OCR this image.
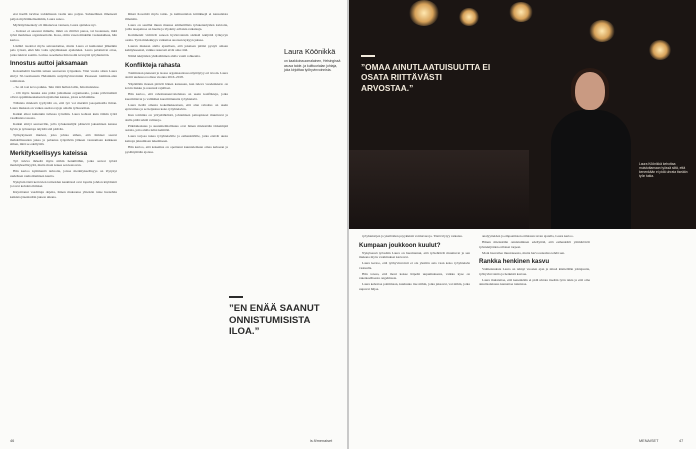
etsi itsellä tarvitse toddelisuun vaalia uno paljon. Suhteellinen ilmeisesti paljon myötämielisemmin, Laura sanoo.

Myötätyöskentely oli ilmaisevaa vanteen, Laura ajattelee nyt.

– Kohasi ei aasonut minulle, mikä on riittävä panos, tai luotenaan, mitä työni merkitsee organisaatiolle. Kosa, oltiin vasen minkään vastuukulkua, hän kertoo.

Läsläiri tasoittoi myös sairauslomaa, mutta Laura ei kumonnut jälkeäkin palo työssä, eikä hän voitu sykyiätuksen ajatteleksi. Laura palattuivat ottaa, jotka tukivat saatiin. Lomaa osoemalsa hän tuomi terveyttä työyhteisöön.

Innostus auttoi jaksamaan

Kokonhelttä haettiin teinen seuraavan työpaikan. Viisi vuotta sitten Laura siirtyi 50-vuotisasuin Helsinkiin uutyöhyvinvoinnin Pasaseen toiminta-alan toimialaan.

– Se oli tosi kova paikka. Tein töitä hullun lailla, hän muistelee.

– Oli myös hauska asia pääsi johtamaan organisaatio, jonka päivärutiinit olivat oppimiskeskeisen harjoittelun kanssa, joista selvisimme.

Tällaisia mielestä tyydyttää on, että työ voi merkitä jaaopaikoilla ilman. Laura mukaan on vaikea asettaa rajoja omalle työkuorman.

Kaikki alkoi kuitenkin tullessa työstään. Laura kohtasi kuin tämän työtä vaadituista tasosta.

Kaikki siirtyi seuraaville, jolla työskentelijät pääsevät jaksamisen kanssa hyvin ja työnantaja näyttää sitä pitävän.

Työkykyisesti mielesi, joka johtaa siihen, että ihmiset saavat mahdollisuuden jakaa ja palautua työpäivän jälkeen vastaamaan kaikkeen siihen, mitä se edellyttää.

Merkityksellisyys kateissa

Työ tuleva tärkeää myös niihin henkilöihin, jotka saavat työstä merkityksellisyyttä, mutta moni kokee sen katoavan.

Hän kertoo kymmeniä tarinoita, joissa merkityksellisyys on löytynyt uudelleen rauhoittumisen kautta.

Nykyisin tästä kertovien tarinoiden keskiössä ovat lopulta johdon käytännöt ja tavat kohdata ihmiset.

Kirjoittanut vaadittuja ohjeita, hänen mukaansa yhteisön tulee huolehtia kaikista jäsenistään jakson aikana.

Riksä ilosomiti myös taide- ja kulttuurialan kritiikkejä ei kansalaista ilmaisiin.

Laura on seuillut muun muassa ammatillisia työskentelyiden kuvioita, joilla tasapainoa on haettu ja löydetty erilaisia ratkaisuja.

Kommentit virittivät sanoen hyvinvoinnin sisäisiä tekijöitä työkyvyn osalta. Työn mielekkyys vaikuttaa suoraan kykyyn jaksaa.

Lauran mukaan alalla ajatellaan, että jokaisen pitäisi pystyä omaan kehitykseensä, vaikka resurssit eivät aina riitä.

Nämä tekijöiden yhdistäminen alalla vaatii rohkeutta.

Konflikteja rahasta

Toimintaan pienessä ja isossa organisaatiossa näyttäytyy eri tavoin. Laura aloitti uudessa roolissa vuonna 2016–2018.

Ylipäätään monen pitävät hänen kanssaan, kun tuleva vuodenkierto on kovin tiukka ja resurssit rajalliset.

Hän kertoo, että rahoitusneuvotteluissa on usein konflikteja, jotka kuormittavat jo valmiiksi kuormittunutta työyhteisöä.

Laura tietää omasta kokemuksestaan, että alan rahoitus on usein epävarmaa ja se heijastuu koko työyhteisöön.

Kun toiminta on yrityslähtöistä, johtamisen painopisteet muuttuvat ja alalla pitää tehdä valintoja.

Pitkäaikaisuus ja suunnitelmallisuus ovat hänen mielestään tärkeimpiä asioita, joita alalla tulisi kehittää.

Laura tarjoaa tukea työyhteisöille ja esihenkilöille, jotka etsivät uusia keinoja jaksamisen tukemiseen.

Hän kertoo, että kokemus on opettanut kuuntelemaan omaa kehoaan ja pysähtymään ajoissa.

Laura Köönikkä
on kaakkoissuomalainen, Helsingissä asuva taide- ja kulttuurialan johtaja, joka kirjoittaa työhyvinvoinnista.
”EN ENÄÄ SAANUT ONNISTUMISISTA ILOA.”
46	is.fi/menaiset
”OMAA AINUTLAATUISUUTTA EI OSATA RIITTÄVÄSTI ARVOSTAA.”
Laura Köönikkä kehottaa muistuttamaan työssä siitä, että kenenkään ei pidä uhrata itseään työn takia.

työyhteisöjen ja yksilöiden psyykkisiä voimavaroja. Tästä löytyy ratkaisu.

Kumpaan joukkoon kuulut?

Nykyisessä työssään Laura on huomannut, että työtehtävät muuttuvat ja sen mukana myös vaatimukset kasvavat.

Laura kertoo, että työhyvinvointi ei ole yksilön asia vaan koko työyhteisön vastuulla.

Hän toteaa, että moni kokee häpeää uupumuksesta, vaikka kyse on rakenteellisesta ongelmasta.

Laura kehottaa pohtimaan, kuuluuko itse niihin, jotka jaksavat, vai niihin, jotka uupuvat hiljaa.

analyytteiden ja empaattisten erilaisten tavan ajatella, Laura kertoo.

Hänen mielestään onnistuminen edellyttää, että esihenkilöt ymmärtävät työntekijöiden erilaiset tarpeet.

Moni haaveilee muutoksesta, mutta harva uskaltaa tehdä sen.

Rankka henkinen kasvu

Valmennuksia Laura on tehnyt vuosien ajan ja niissä käsitellään johtajuutta, työhyvinvointia ja henkistä kasvua.

Laura muistuttaa, että kenenkään ei pidä uhrata itseään työn takia ja että oma ainutlaatuisuus kannattaa tunnistaa.

MENAISET	47
